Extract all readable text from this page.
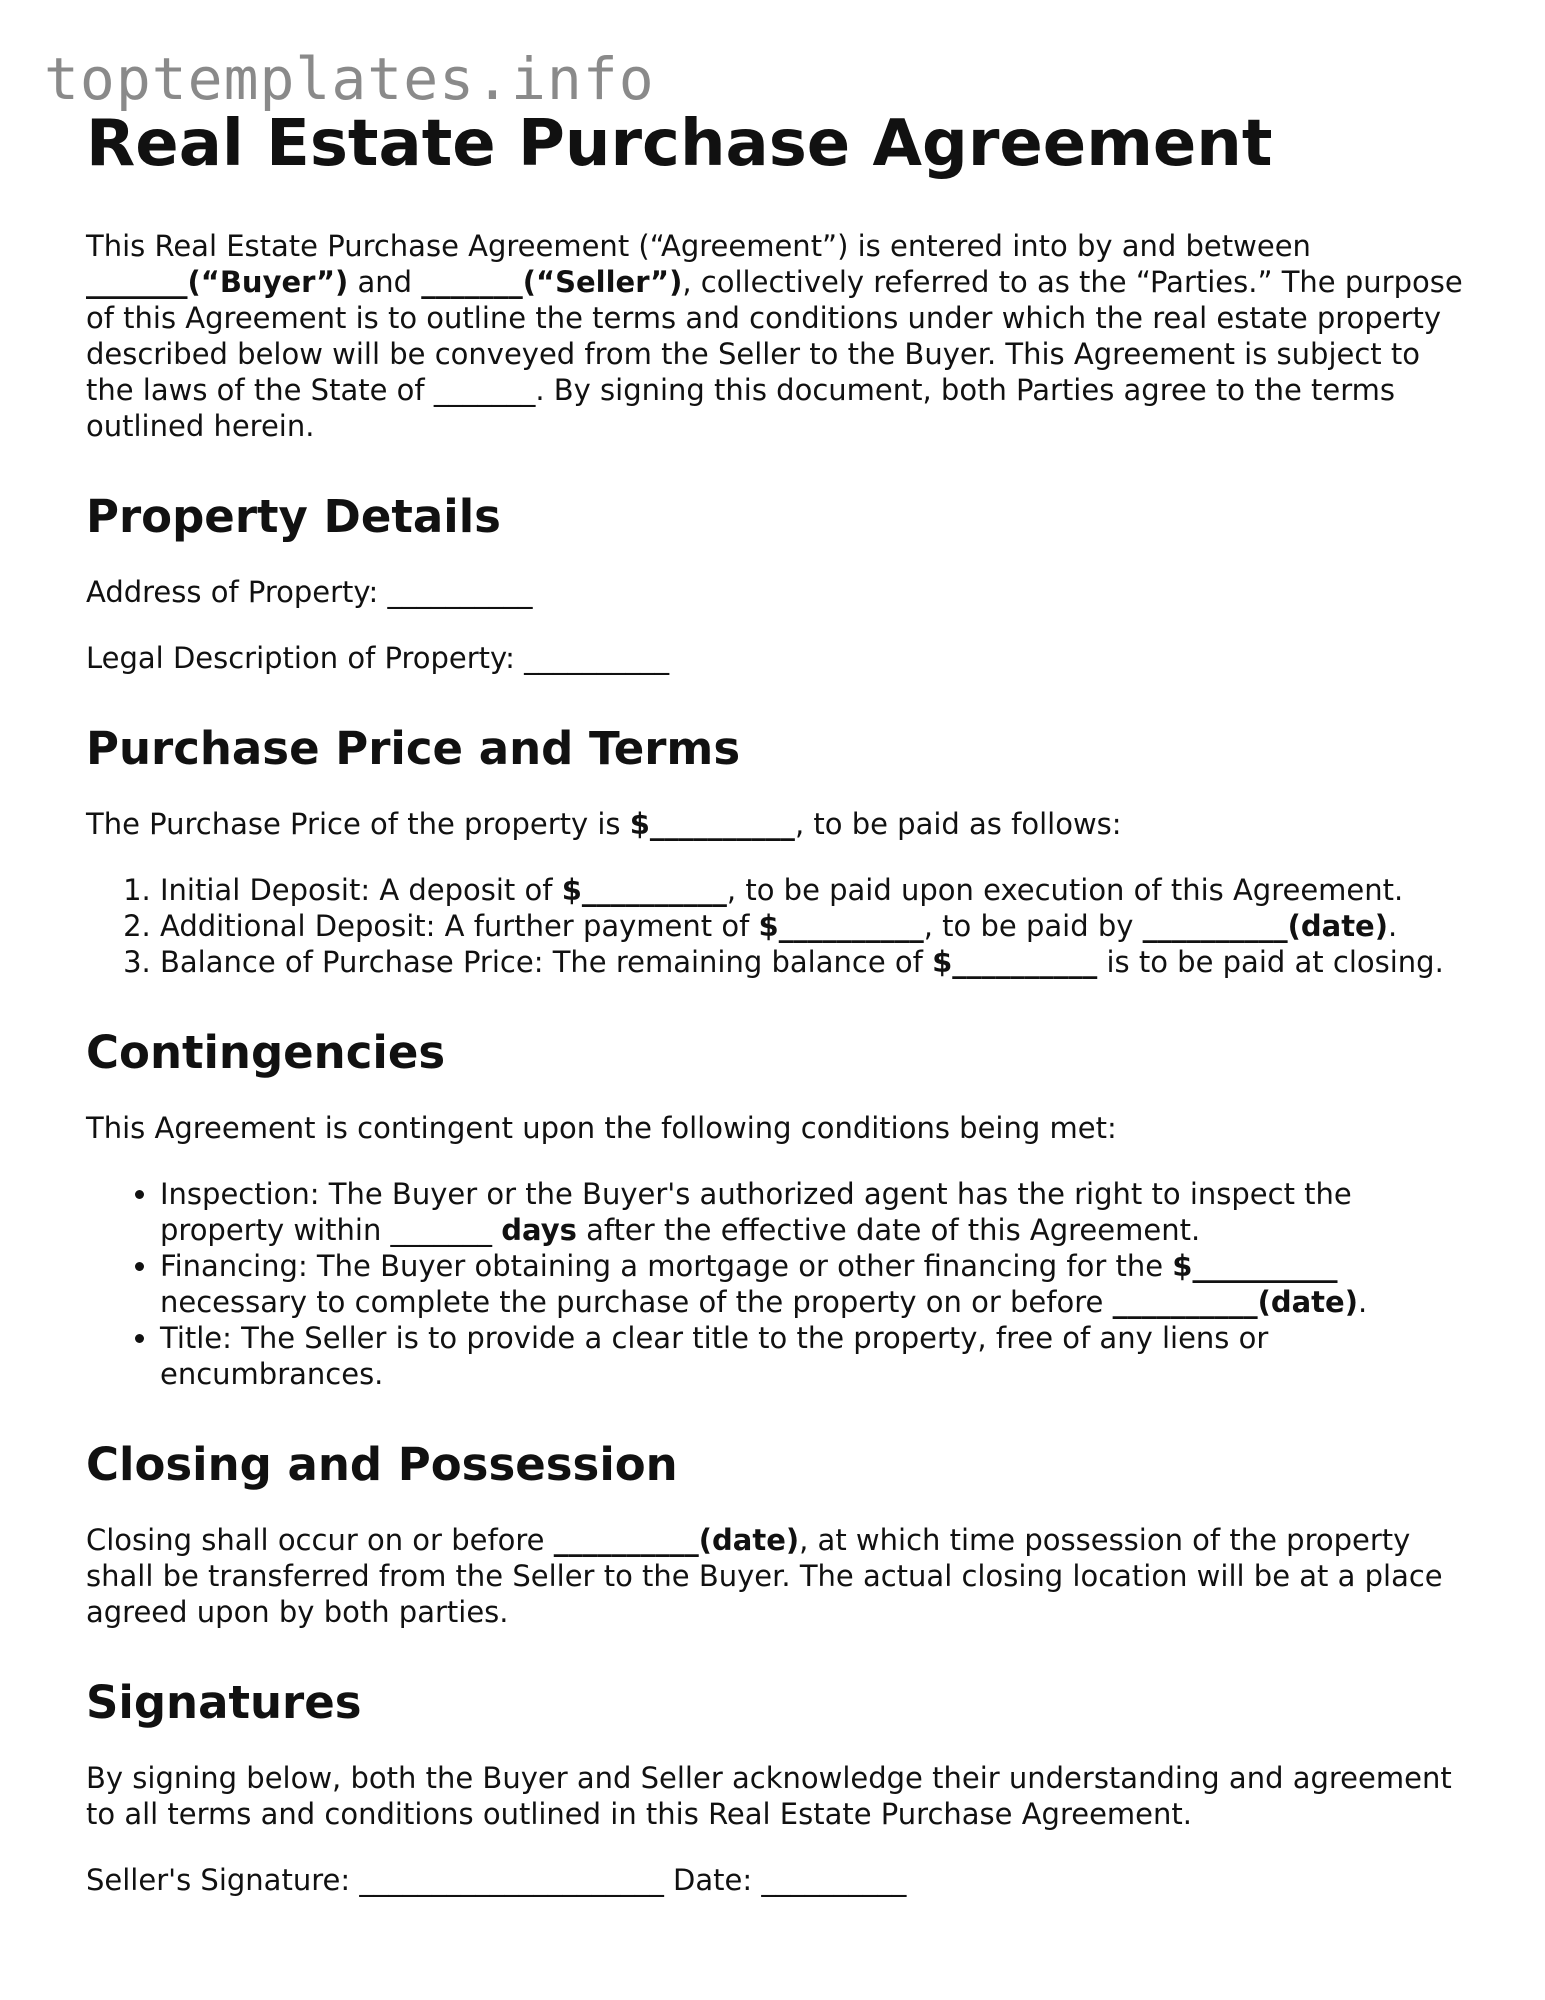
toptemplates.info
Real Estate Purchase Agreement

This Real Estate Purchase Agreement (“Agreement”) is entered into by and between _______(“Buyer”) and _______(“Seller”), collectively referred to as the “Parties.” The purpose of this Agreement is to outline the terms and conditions under which the real estate property described below will be conveyed from the Seller to the Buyer. This Agreement is subject to the laws of the State of _______. By signing this document, both Parties agree to the terms outlined herein.

Property Details

Address of Property: __________

Legal Description of Property: __________

Purchase Price and Terms

The Purchase Price of the property is $__________, to be paid as follows:

1. Initial Deposit: A deposit of $__________, to be paid upon execution of this Agreement.
2. Additional Deposit: A further payment of $__________, to be paid by __________(date).
3. Balance of Purchase Price: The remaining balance of $__________ is to be paid at closing.
Contingencies

This Agreement is contingent upon the following conditions being met:

• Inspection: The Buyer or the Buyer's authorized agent has the right to inspect the property within _______ days after the effective date of this Agreement.
• Financing: The Buyer obtaining a mortgage or other financing for the $__________ necessary to complete the purchase of the property on or before __________(date).
• Title: The Seller is to provide a clear title to the property, free of any liens or encumbrances.
Closing and Possession

Closing shall occur on or before __________(date), at which time possession of the property shall be transferred from the Seller to the Buyer. The actual closing location will be at a place agreed upon by both parties.

Signatures

By signing below, both the Buyer and Seller acknowledge their understanding and agreement to all terms and conditions outlined in this Real Estate Purchase Agreement.

Seller's Signature: _____________________ Date: __________
